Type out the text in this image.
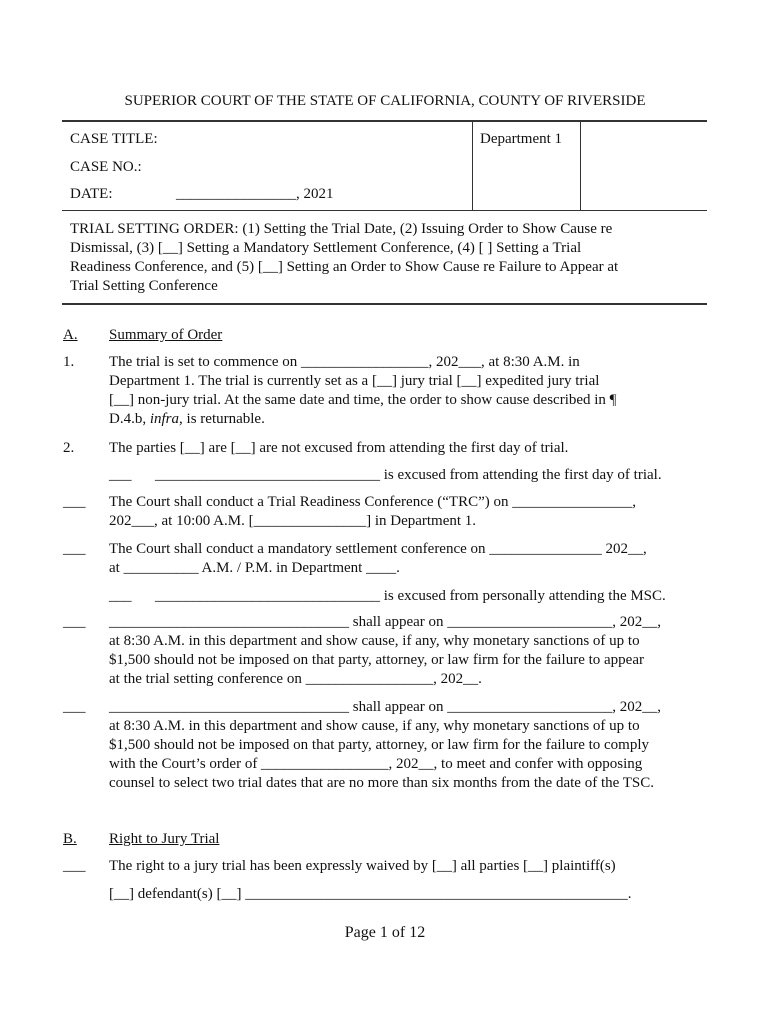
SUPERIOR COURT OF THE STATE OF CALIFORNIA, COUNTY OF RIVERSIDE
CASE TITLE:
CASE NO.:
DATE:	________________, 2021
Department 1
TRIAL SETTING ORDER: (1) Setting the Trial Date, (2) Issuing Order to Show Cause re
Dismissal, (3) [__] Setting a Mandatory Settlement Conference, (4) [ ] Setting a Trial
Readiness Conference, and (5) [__] Setting an Order to Show Cause re Failure to Appear at
Trial Setting Conference
A. Summary of Order
1. The trial is set to commence on _________________, 202___, at 8:30 A.M. in
Department 1. The trial is currently set as a [__] jury trial [__] expedited jury trial
[__] non-jury trial. At the same date and time, the order to show cause described in ¶
D.4.b, infra, is returnable.
2. The parties [__] are [__] are not excused from attending the first day of trial.
___ ______________________________ is excused from attending the first day of trial.
___ The Court shall conduct a Trial Readiness Conference (“TRC”) on ________________,
202___, at 10:00 A.M. [_______________] in Department 1.
___ The Court shall conduct a mandatory settlement conference on _______________ 202__,
at __________ A.M. / P.M. in Department ____.
___ ______________________________ is excused from personally attending the MSC.
___ ________________________________ shall appear on ______________________, 202__,
at 8:30 A.M. in this department and show cause, if any, why monetary sanctions of up to
$1,500 should not be imposed on that party, attorney, or law firm for the failure to appear
at the trial setting conference on _________________, 202__.
___ ________________________________ shall appear on ______________________, 202__,
at 8:30 A.M. in this department and show cause, if any, why monetary sanctions of up to
$1,500 should not be imposed on that party, attorney, or law firm for the failure to comply
with the Court’s order of _________________, 202__, to meet and confer with opposing
counsel to select two trial dates that are no more than six months from the date of the TSC.
B. Right to Jury Trial
___ The right to a jury trial has been expressly waived by [__] all parties [__] plaintiff(s)
[__] defendant(s) [__] ___________________________________________________.
Page 1 of 12
